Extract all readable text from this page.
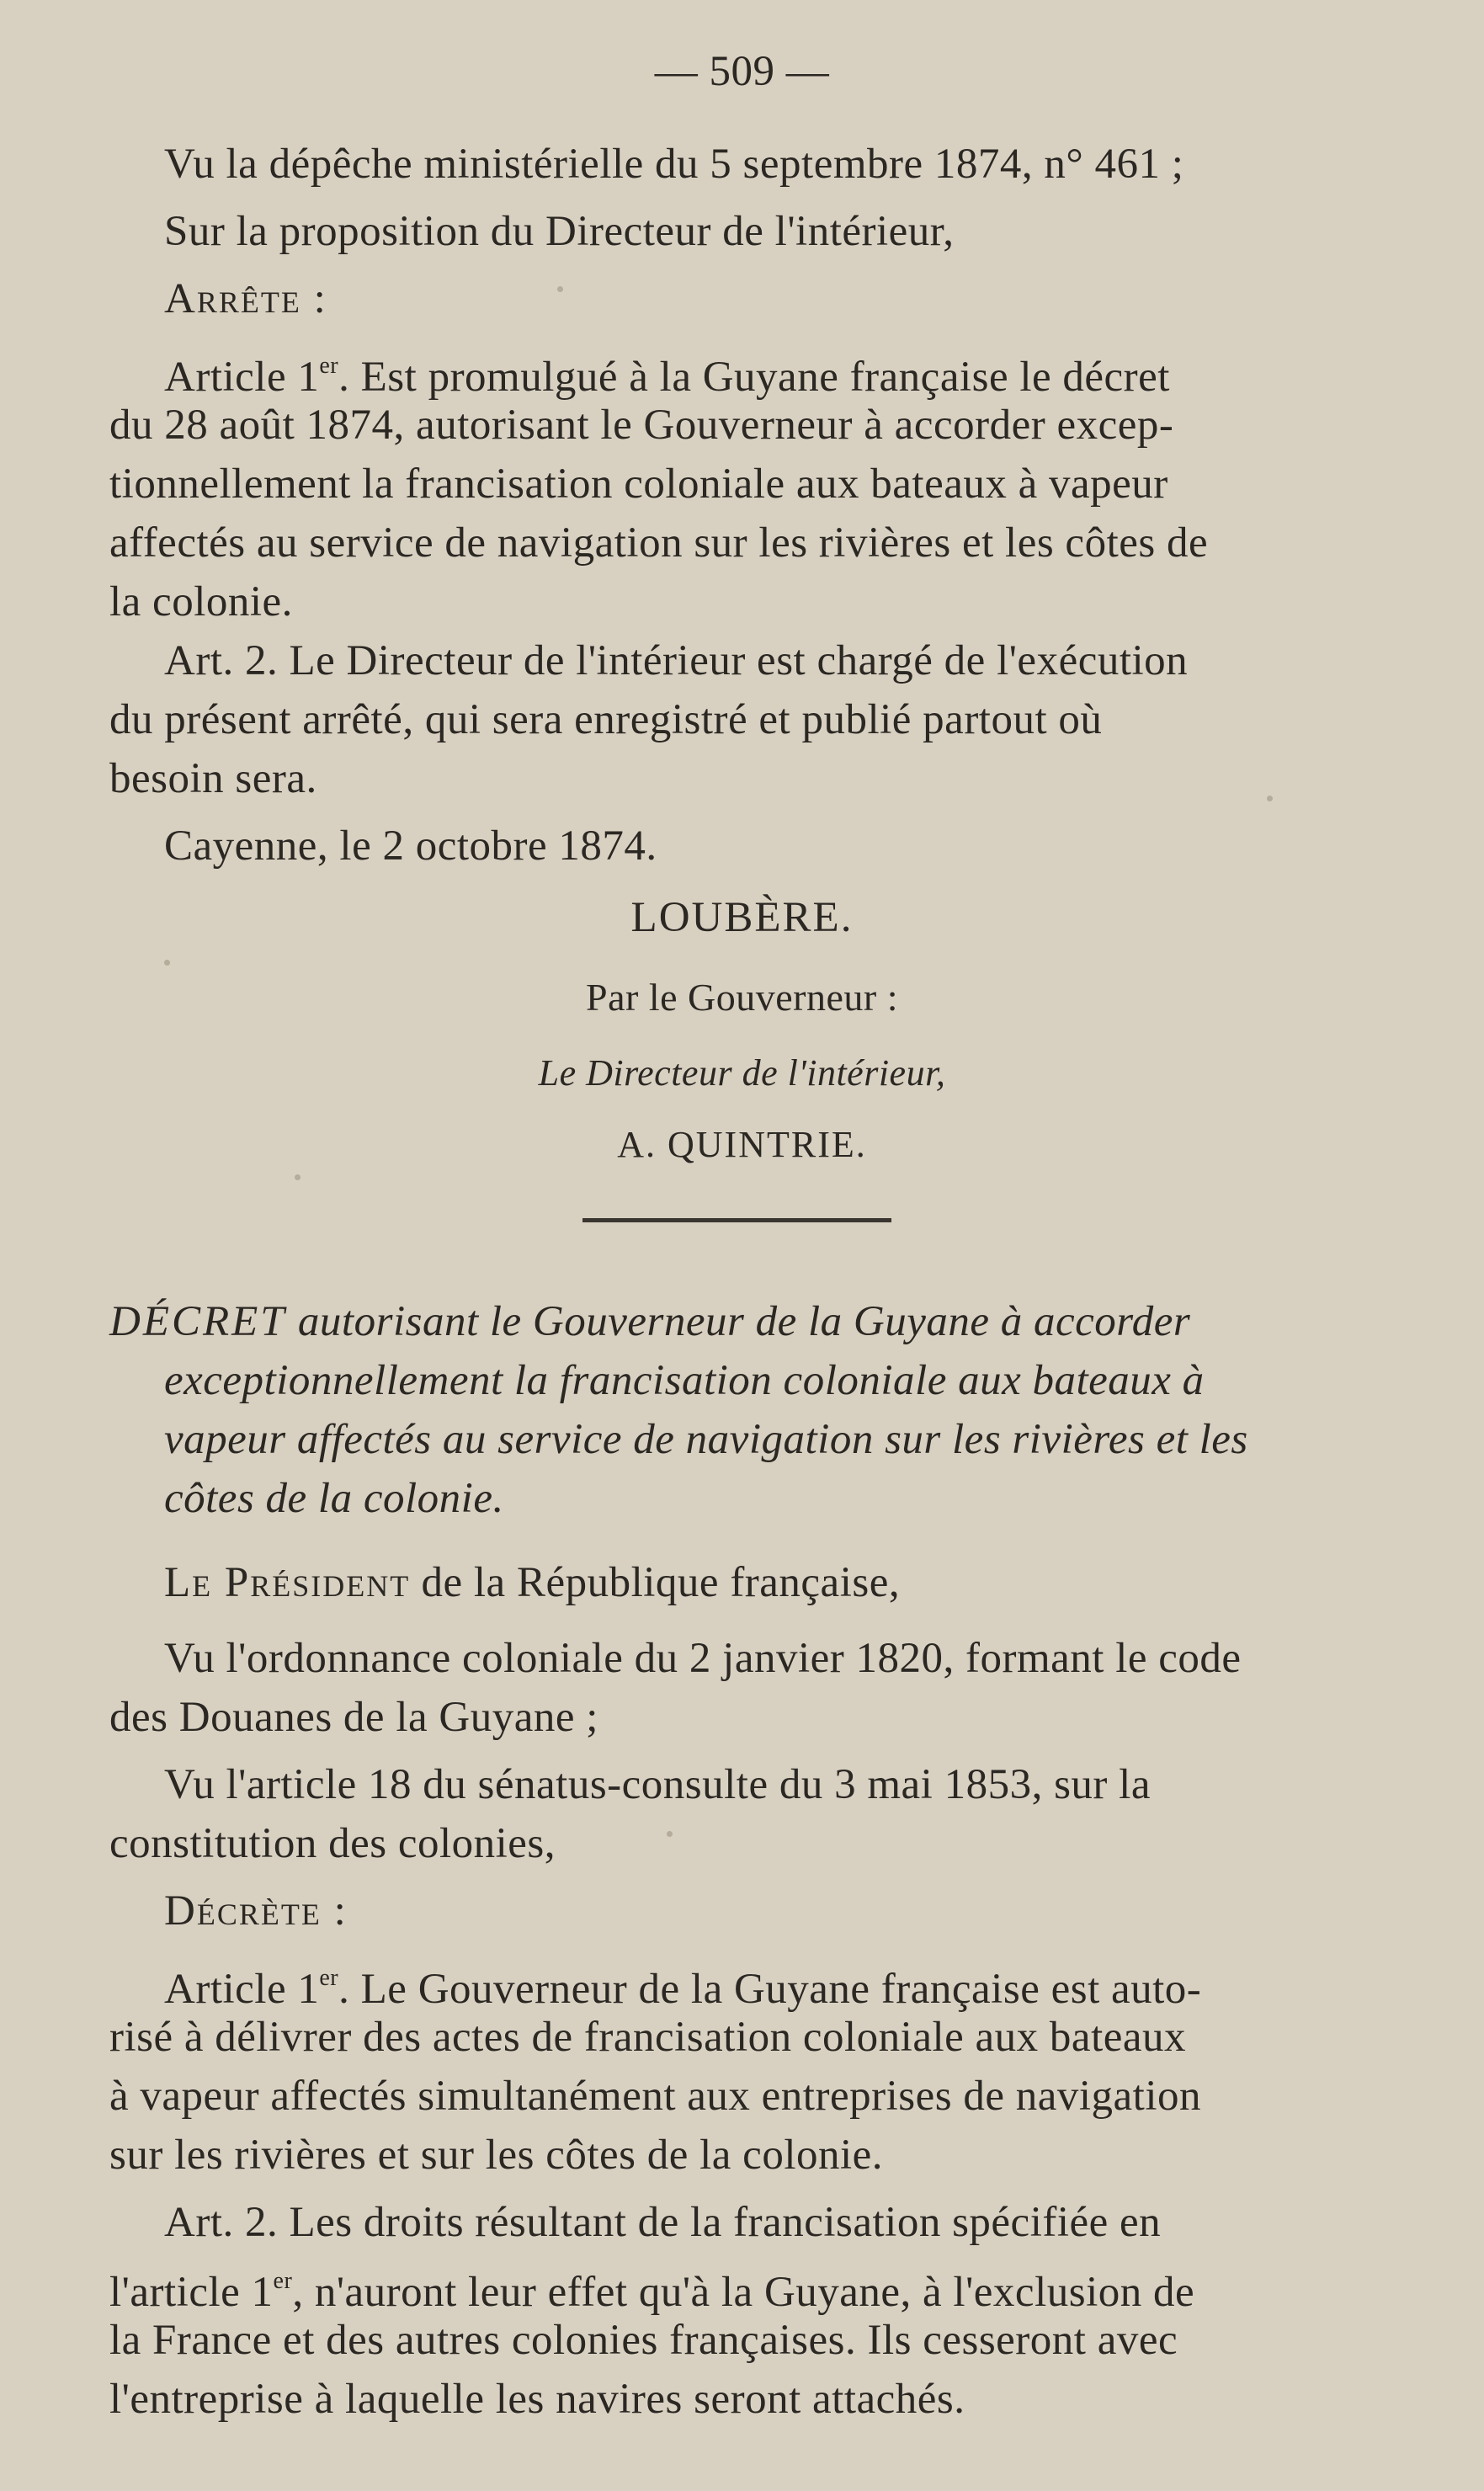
— 509 —
Vu la dépêche ministérielle du 5 septembre 1874, n° 461 ;
Sur la proposition du Directeur de l'intérieur,
Arrête :
Article 1er. Est promulgué à la Guyane française le décret
du 28 août 1874, autorisant le Gouverneur à accorder excep-
tionnellement la francisation coloniale aux bateaux à vapeur
affectés au service de navigation sur les rivières et les côtes de
la colonie.
Art. 2. Le Directeur de l'intérieur est chargé de l'exécution
du présent arrêté, qui sera enregistré et publié partout où
besoin sera.
Cayenne, le 2 octobre 1874.
LOUBÈRE.
Par le Gouverneur :
Le Directeur de l'intérieur,
A. QUINTRIE.
DÉCRET autorisant le Gouverneur de la Guyane à accorder
exceptionnellement la francisation coloniale aux bateaux à
vapeur affectés au service de navigation sur les rivières et les
côtes de la colonie.
Le Président de la République française,
Vu l'ordonnance coloniale du 2 janvier 1820, formant le code
des Douanes de la Guyane ;
Vu l'article 18 du sénatus-consulte du 3 mai 1853, sur la
constitution des colonies,
Décrète :
Article 1er. Le Gouverneur de la Guyane française est auto-
risé à délivrer des actes de francisation coloniale aux bateaux
à vapeur affectés simultanément aux entreprises de navigation
sur les rivières et sur les côtes de la colonie.
Art. 2. Les droits résultant de la francisation spécifiée en
l'article 1er, n'auront leur effet qu'à la Guyane, à l'exclusion de
la France et des autres colonies françaises. Ils cesseront avec
l'entreprise à laquelle les navires seront attachés.
